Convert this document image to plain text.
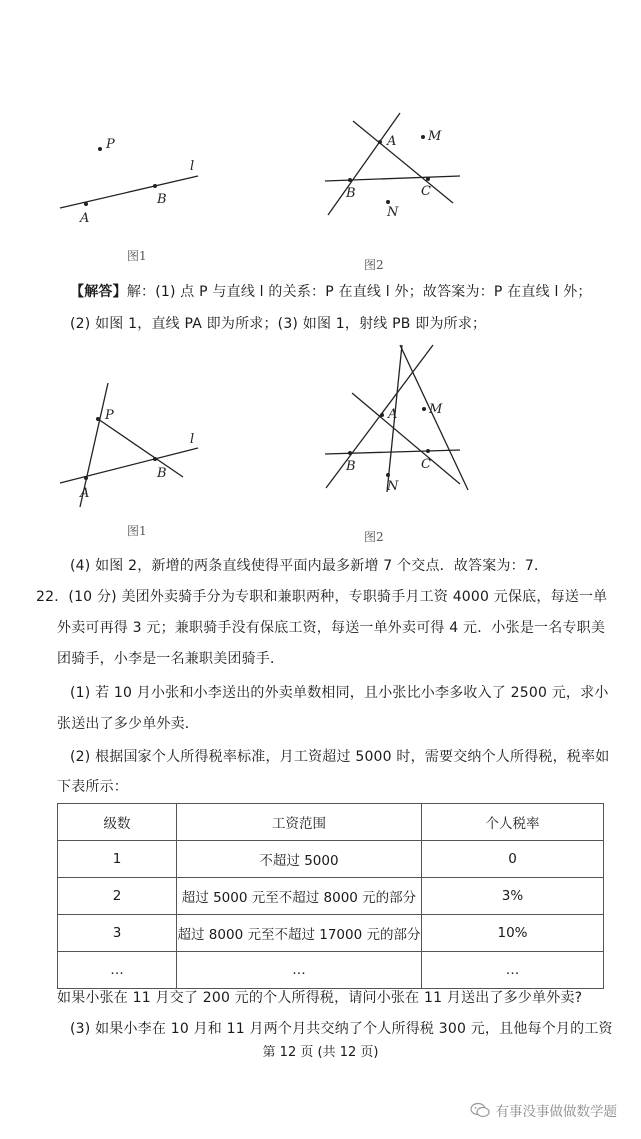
P
A
B
l
图1
A M
B	C
N
图2
【解答】解：(1) 点 P 与直线 l 的关系：P 在直线 l 外；故答案为：P 在直线 l 外；
(2) 如图 1，直线 PA 即为所求；(3) 如图 1，射线 PB 即为所求；
P
A
B
l
图1
A M
B	C
N
图2
(4) 如图 2，新增的两条直线使得平面内最多新增 7 个交点．故答案为：7．
22．(10 分) 美团外卖骑手分为专职和兼职两种，专职骑手月工资 4000 元保底，每送一单
外卖可再得 3 元；兼职骑手没有保底工资，每送一单外卖可得 4 元．小张是一名专职美
团骑手，小李是一名兼职美团骑手．
(1) 若 10 月小张和小李送出的外卖单数相同，且小张比小李多收入了 2500 元，求小
张送出了多少单外卖．
(2) 根据国家个人所得税率标准，月工资超过 5000 时，需要交纳个人所得税，税率如
下表所示：
级数	工资范围	个人税率
1	不超过 5000	0
2	超过 5000 元至不超过 8000 元的部分	3%
3	超过 8000 元至不超过 17000 元的部分	10%
…	…	…
如果小张在 11 月交了 200 元的个人所得税，请问小张在 11 月送出了多少单外卖?
(3) 如果小李在 10 月和 11 月两个月共交纳了个人所得税 300 元，且他每个月的工资
第 12 页 (共 12 页)
有事没事做做数学题
